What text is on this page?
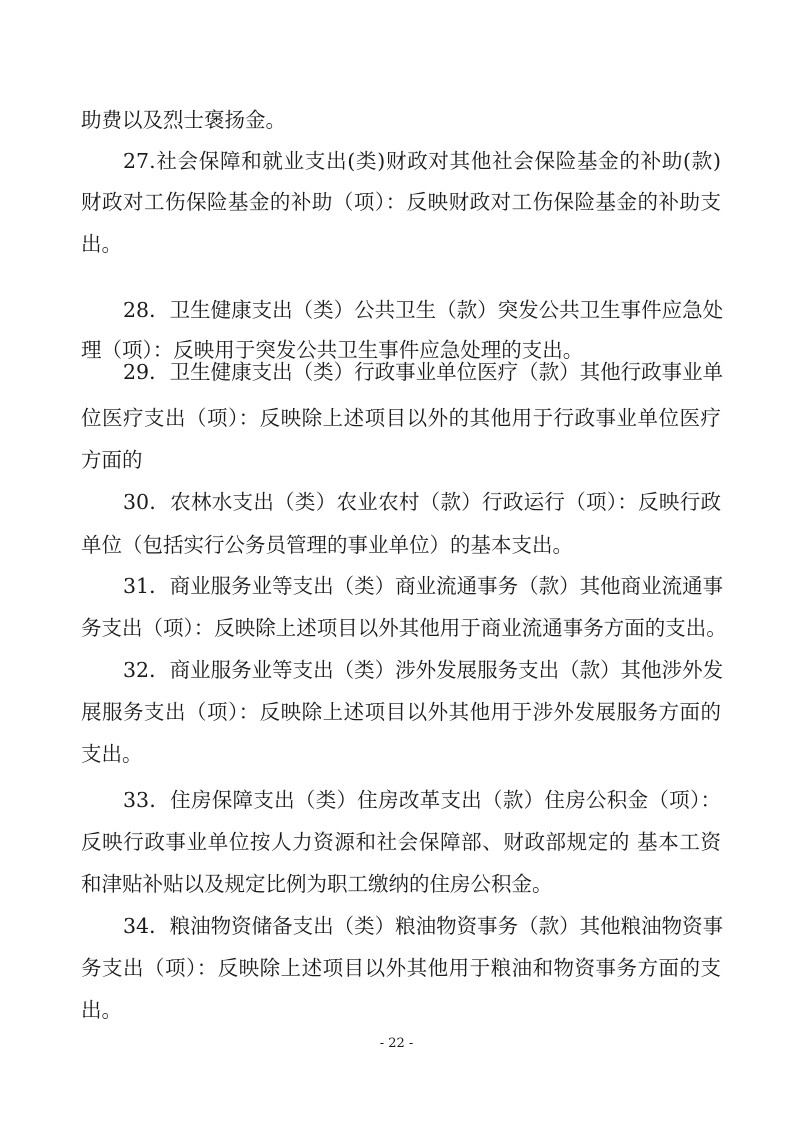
助费以及烈士褒扬金。
27.社会保障和就业支出(类)财政对其他社会保险基金的补助(款)
财政对工伤保险基金的补助（项）：反映财政对工伤保险基金的补助支
出。
28．卫生健康支出（类）公共卫生（款）突发公共卫生事件应急处
理（项）：反映用于突发公共卫生事件应急处理的支出。
29．卫生健康支出（类）行政事业单位医疗（款）其他行政事业单
位医疗支出（项）：反映除上述项目以外的其他用于行政事业单位医疗
方面的
30．农林水支出（类）农业农村（款）行政运行（项）：反映行政
单位（包括实行公务员管理的事业单位）的基本支出。
31．商业服务业等支出（类）商业流通事务（款）其他商业流通事
务支出（项）：反映除上述项目以外其他用于商业流通事务方面的支出。
32．商业服务业等支出（类）涉外发展服务支出（款）其他涉外发
展服务支出（项）：反映除上述项目以外其他用于涉外发展服务方面的
支出。
33．住房保障支出（类）住房改革支出（款）住房公积金（项）：
反映行政事业单位按人力资源和社会保障部、财政部规定的 基本工资
和津贴补贴以及规定比例为职工缴纳的住房公积金。
34．粮油物资储备支出（类）粮油物资事务（款）其他粮油物资事
务支出（项）：反映除上述项目以外其他用于粮油和物资事务方面的支
出。
- 22 -
